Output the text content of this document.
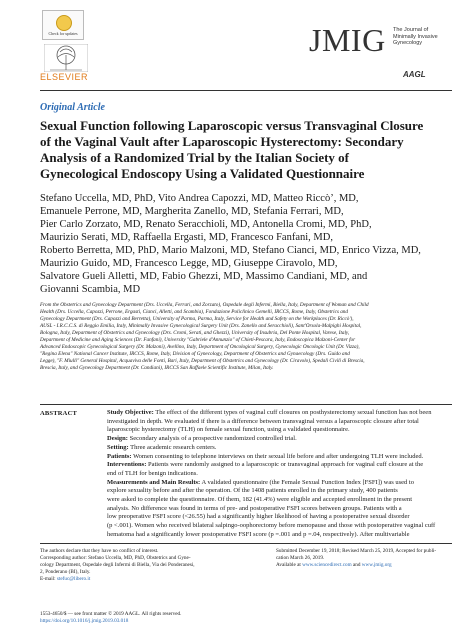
Check for updates
ELSEVIER
JMIG The Journal of
Minimally Invasive
Gynecology
AAGL
Original Article
Sexual Function following Laparoscopic versus Transvaginal Closure
of the Vaginal Vault after Laparoscopic Hysterectomy: Secondary
Analysis of a Randomized Trial by the Italian Society of
Gynecological Endoscopy Using a Validated Questionnaire
Stefano Uccella, MD, PhD, Vito Andrea Capozzi, MD, Matteo Riccò’, MD,
Emanuele Perrone, MD, Margherita Zanello, MD, Stefania Ferrari, MD,
Pier Carlo Zorzato, MD, Renato Seracchioli, MD, Antonella Cromi, MD, PhD,
Maurizio Serati, MD, Raffaella Ergasti, MD, Francesco Fanfani, MD,
Roberto Berretta, MD, PhD, Mario Malzoni, MD, Stefano Cianci, MD, Enrico Vizza, MD,
Maurizio Guido, MD, Francesco Legge, MD, Giuseppe Ciravolo, MD,
Salvatore Gueli Alletti, MD, Fabio Ghezzi, MD, Massimo Candiani, MD, and
Giovanni Scambia, MD
From the Obstetrics and Gynecology Department (Drs. Uccella, Ferrari, and Zorzato), Ospedale degli Infermi, Biella, Italy, Department of Woman and Child
Health (Drs. Uccella, Capozzi, Perrone, Ergasti, Cianci, Alletti, and Scambia), Fondazione Policlinico Gemelli, IRCCS, Rome, Italy, Obstetrics and
Gynecology Department (Drs. Capozzi and Berretta), University of Parma, Parma, Italy, Service for Health and Safety on the Workplaces (Dr. Riccò'),
AUSL - I.R.C.C.S. di Reggio Emilia, Italy, Minimally Invasive Gynecological Surgery Unit (Drs. Zanello and Seracchioli), Sant'Orsola-Malpighi Hospital,
Bologna, Italy, Department of Obstetrics and Gynecology (Drs. Cromi, Serati, and Ghezzi), University of Insubria, Del Ponte Hospital, Varese, Italy,
Department of Medicine and Aging Sciences (Dr. Fanfani), University "Gabriele d'Annunzio" of Chieti-Pescara, Italy, Endoscopica Malzoni-Center for
Advanced Endoscopic Gynecological Surgery (Dr. Malzoni), Avellino, Italy, Department of Oncological Surgery, Gynecologic Oncologic Unit (Dr. Vizza),
"Regina Elena" National Cancer Institute, IRCCS, Rome, Italy, Division of Gynecology, Department of Obstetrics and Gynaecology (Drs. Guido and
Legge), "F. Miulli" General Hospital, Acquaviva delle Fonti, Bari, Italy, Department of Obstetrics and Gynecology (Dr. Ciravolo), Spedali Civili di Brescia,
Brescia, Italy, and Gynecology Department (Dr. Candiani), IRCCS San Raffaele Scientific Institute, Milan, Italy.
ABSTRACT	Study Objective: The effect of the different types of vaginal cuff closures on posthysterectomy sexual function has not been
investigated in depth. We evaluated if there is a difference between transvaginal versus a laparoscopic closure after total
laparoscopic hysterectomy (TLH) on female sexual function, using a validated questionnaire.
Design: Secondary analysis of a prospective randomized controlled trial.
Setting: Three academic research centers.
Patients: Women consenting to telephone interviews on their sexual life before and after undergoing TLH were included.
Interventions: Patients were randomly assigned to a laparoscopic or transvaginal approach for vaginal cuff closure at the
end of TLH for benign indications.
Measurements and Main Results: A validated questionnaire (the Female Sexual Function Index [FSFI]) was used to
explore sexuality before and after the operation. Of the 1408 patients enrolled in the primary study, 400 patients
were asked to complete the questionnaire. Of them, 182 (41.4%) were eligible and accepted enrollment in the present
analysis. No difference was found in terms of pre- and postoperative FSFI scores between groups. Patients with a
low preoperative FSFI score (<26.55) had a significantly higher likelihood of having a postoperative sexual disorder
(p <.001). Women who received bilateral salpingo-oophorectomy before menopause and those with postoperative vaginal cuff
hematoma had a significantly lower postoperative FSFI score (p =.001 and p =.04, respectively). After multivariable
The authors declare that they have no conflict of interest.
Corresponding author: Stefano Uccella, MD, PhD, Obstetrics and Gyne-
cology Department, Ospedale degli Infermi di Biella, Via dei Ponderanesi,
2, Ponderano (BI), Italy.
E-mail: stefuc@libero.it
Submitted December 19, 2018; Revised March 25, 2019, Accepted for publi-
cation March 26, 2019.
Available at www.sciencedirect.com and www.jmig.org
1553-4650/$ — see front matter © 2019 AAGL. All rights reserved.
https://doi.org/10.1016/j.jmig.2019.03.018
